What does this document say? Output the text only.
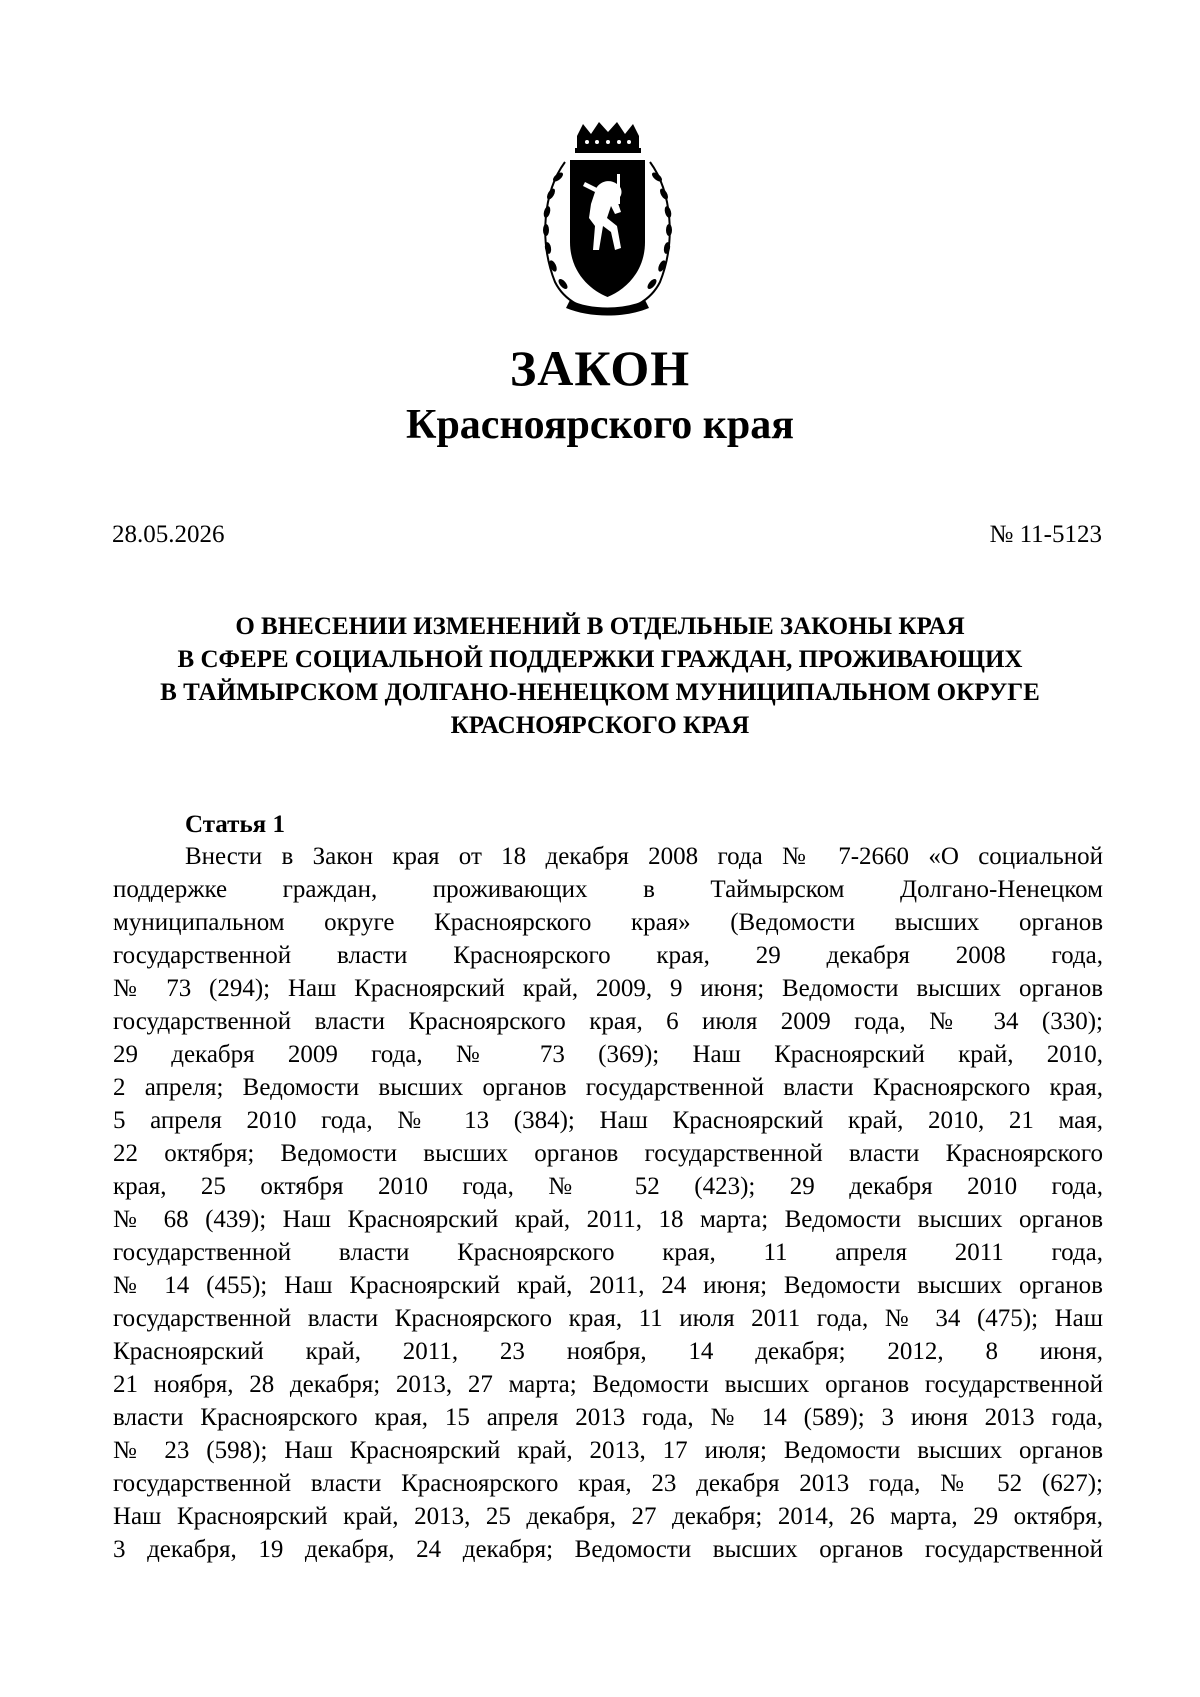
ЗАКОН
Красноярского края
28.05.2026	№ 11-5123
О ВНЕСЕНИИ ИЗМЕНЕНИЙ В ОТДЕЛЬНЫЕ ЗАКОНЫ КРАЯ
В СФЕРЕ СОЦИАЛЬНОЙ ПОДДЕРЖКИ ГРАЖДАН, ПРОЖИВАЮЩИХ
В ТАЙМЫРСКОМ ДОЛГАНО-НЕНЕЦКОМ МУНИЦИПАЛЬНОМ ОКРУГЕ
КРАСНОЯРСКОГО КРАЯ
Статья 1
Внести в Закон края от 18 декабря 2008 года № 7-2660 «О социальной
поддержке граждан, проживающих в Таймырском Долгано-Ненецком
муниципальном округе Красноярского края» (Ведомости высших органов
государственной власти Красноярского края, 29 декабря 2008 года,
№ 73 (294); Наш Красноярский край, 2009, 9 июня; Ведомости высших органов
государственной власти Красноярского края, 6 июля 2009 года, № 34 (330);
29 декабря 2009 года, № 73 (369); Наш Красноярский край, 2010,
2 апреля; Ведомости высших органов государственной власти Красноярского края,
5 апреля 2010 года, № 13 (384); Наш Красноярский край, 2010, 21 мая,
22 октября; Ведомости высших органов государственной власти Красноярского
края, 25 октября 2010 года, № 52 (423); 29 декабря 2010 года,
№ 68 (439); Наш Красноярский край, 2011, 18 марта; Ведомости высших органов
государственной власти Красноярского края, 11 апреля 2011 года,
№ 14 (455); Наш Красноярский край, 2011, 24 июня; Ведомости высших органов
государственной власти Красноярского края, 11 июля 2011 года, № 34 (475); Наш
Красноярский край, 2011, 23 ноября, 14 декабря; 2012, 8 июня,
21 ноября, 28 декабря; 2013, 27 марта; Ведомости высших органов государственной
власти Красноярского края, 15 апреля 2013 года, № 14 (589); 3 июня 2013 года,
№ 23 (598); Наш Красноярский край, 2013, 17 июля; Ведомости высших органов
государственной власти Красноярского края, 23 декабря 2013 года, № 52 (627);
Наш Красноярский край, 2013, 25 декабря, 27 декабря; 2014, 26 марта, 29 октября,
3 декабря, 19 декабря, 24 декабря; Ведомости высших органов государственной
